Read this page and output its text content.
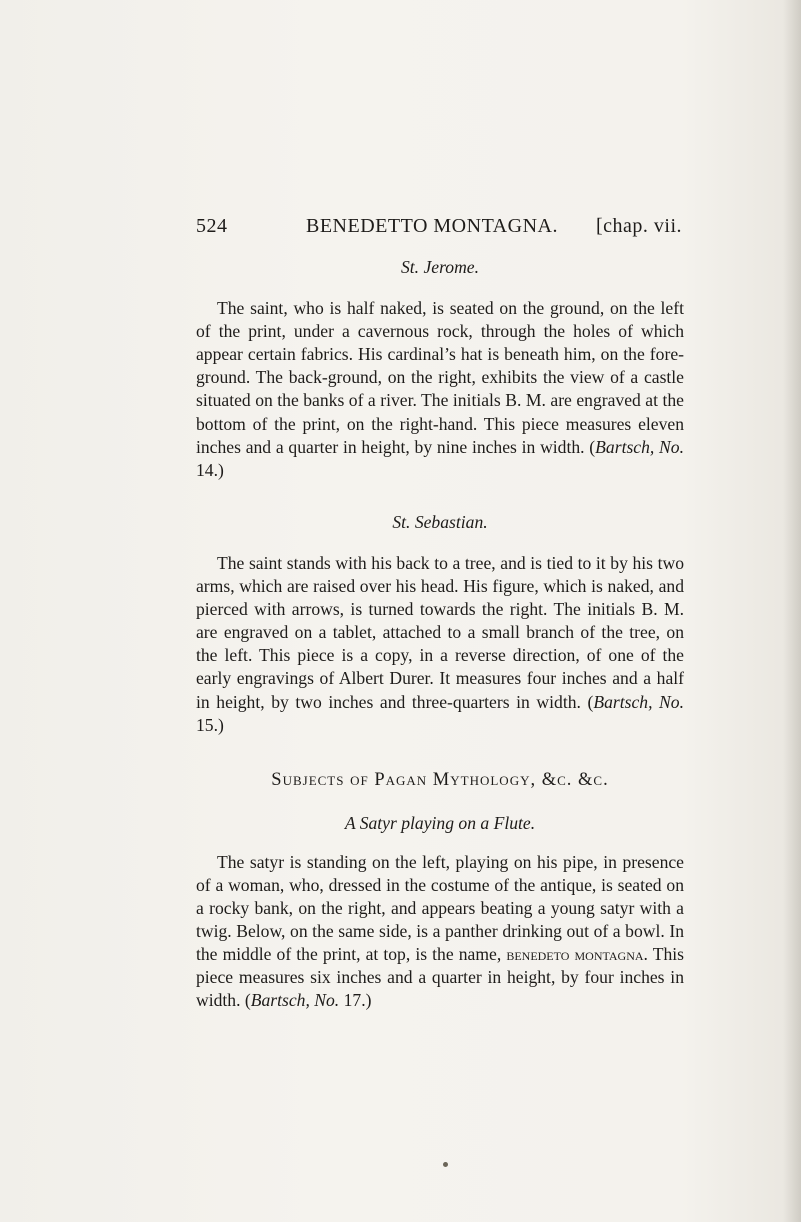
524	BENEDETTO MONTAGNA. [chap. vii.

St. Jerome.

The saint, who is half naked, is seated on the ground, on the left of the print, under a cavernous rock, through the holes of which appear certain fabrics. His cardinal’s hat is beneath him, on the fore-ground. The back-ground, on the right, exhibits the view of a castle situated on the banks of a river. The initials B. M. are engraved at the bottom of the print, on the right-hand. This piece measures eleven inches and a quarter in height, by nine inches in width. (Bartsch, No. 14.)

St. Sebastian.

The saint stands with his back to a tree, and is tied to it by his two arms, which are raised over his head. His figure, which is naked, and pierced with arrows, is turned towards the right. The initials B. M. are engraved on a tablet, attached to a small branch of the tree, on the left. This piece is a copy, in a reverse direction, of one of the early engravings of Albert Durer. It measures four inches and a half in height, by two inches and three-quarters in width. (Bartsch, No. 15.)

Subjects of Pagan Mythology, &c. &c.

A Satyr playing on a Flute.

The satyr is standing on the left, playing on his pipe, in presence of a woman, who, dressed in the costume of the antique, is seated on a rocky bank, on the right, and appears beating a young satyr with a twig. Below, on the same side, is a panther drinking out of a bowl. In the middle of the print, at top, is the name, benedeto montagna. This piece measures six inches and a quarter in height, by four inches in width. (Bartsch, No. 17.)
